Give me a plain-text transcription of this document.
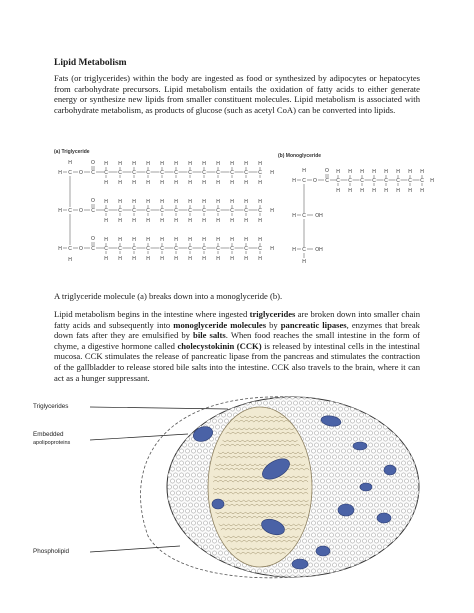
Lipid Metabolism

Fats (or triglycerides) within the body are ingested as food or synthesized by adipocytes or hepatocytes from carbohydrate precursors. Lipid metabolism entails the oxidation of fatty acids to either generate energy or synthesize new lipids from smaller constituent molecules. Lipid metabolism is associated with carbohydrate metabolism, as products of glucose (such as acetyl CoA) can be converted into lipids.

(a) Triglyceride
(b) Monoglyceride
H C O C
O
C
H
H
C
H
H
C
H
H
C
H
H
C
H
H
C
H
H
C
H
H
C
H
H
C
H
H
C
H
H
C
H
H
C
H
H
H
H C O C
O
C
H
H
C
H
H
C
H
H
C
H
H
C
H
H
C
H
H
C
H
H
C
H
H
C
H
H
C
H
H
C
H
H
C
H
H
H
H C O C
O
C
H
H
C
H
H
C
H
H
C
H
H
C
H
H
C
H
H
C
H
H
C
H
H
C
H
H
C
H
H
C
H
H
C
H
H
H
H
H
H C O C
O
C
H
H
C
H
H
C
H
H
C
H
H
C
H
H
C
H
H
C
H
H
C
H
H
H
H
C
H	OH
C
H	OH
H
A triglyceride molecule (a) breaks down into a monoglyceride (b).

Lipid metabolism begins in the intestine where ingested triglycerides are broken down into smaller chain fatty acids and subsequently into monoglyceride molecules by pancreatic lipases, enzymes that break down fats after they are emulsified by bile salts. When food reaches the small intestine in the form of chyme, a digestive hormone called cholecystokinin (CCK) is released by intestinal cells in the intestinal mucosa. CCK stimulates the release of pancreatic lipase from the pancreas and stimulates the contraction of the gallbladder to release stored bile salts into the intestine. CCK also travels to the brain, where it can act as a hunger suppressant.

Triglycerides
Embedded
apolipoproteins
Phospholipid
